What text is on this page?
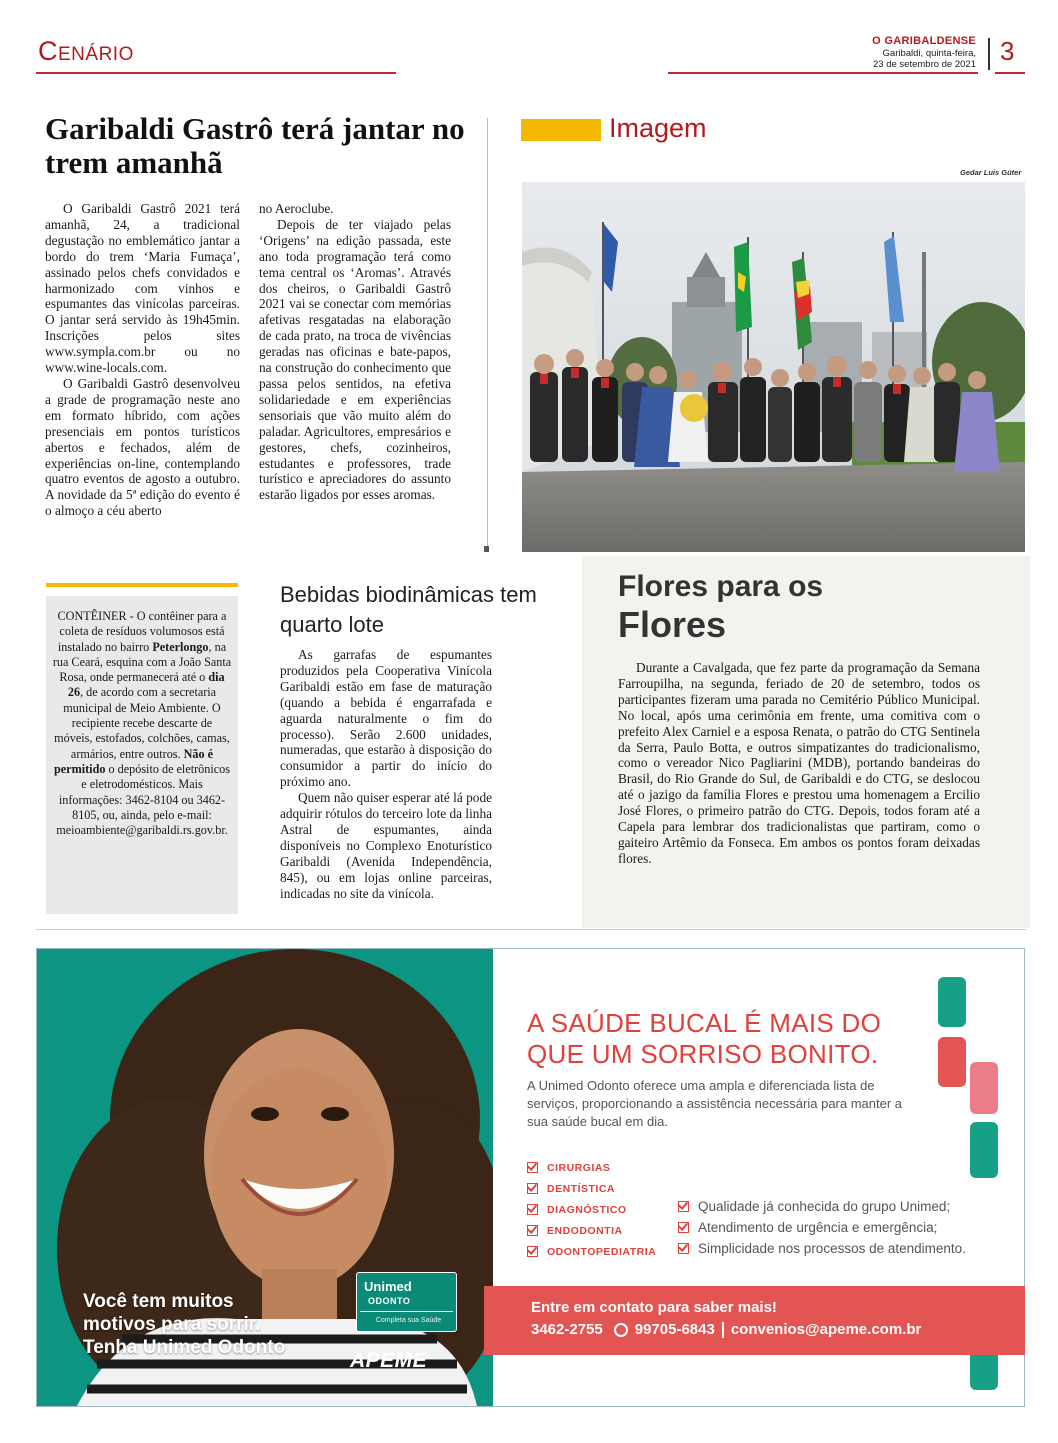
Cenário	O GARIBALDENSE
Garibaldi, quinta-feira,
23 de setembro de 2021 3
Garibaldi Gastrô terá jantar no trem amanhã

O Garibaldi Gastrô 2021 terá amanhã, 24, a tradicional degustação no emblemático jantar a bordo do trem ‘Maria Fumaça’, assinado pelos chefs convidados e harmonizado com vinhos e espumantes das vinícolas parceiras. O jantar será servido às 19h45min. Inscrições pelos sites www.sympla.com.br ou no www.wine-locals.com.

O Garibaldi Gastrô desenvolveu a grade de programação neste ano em formato híbrido, com ações presenciais em pontos turísticos abertos e fechados, além de experiências on-line, contemplando quatro eventos de agosto a outubro. A novidade da 5ª edição do evento é o almoço a céu aberto

no Aeroclube.

Depois de ter viajado pelas ‘Origens’ na edição passada, este ano toda programação terá como tema central os ‘Aromas’. Através dos cheiros, o Garibaldi Gastrô 2021 vai se conectar com memórias afetivas resgatadas na elaboração de cada prato, na troca de vivências geradas nas oficinas e bate-papos, na construção do conhecimento que passa pelos sentidos, na efetiva solidariedade e em experiências sensoriais que vão muito além do paladar. Agricultores, empresários e gestores, chefs, cozinheiros, estudantes e professores, trade turístico e apreciadores do assunto estarão ligados por esses aromas.

Imagem
Gedar Luis Güter
CONTÊINER - O contêiner para a coleta de resíduos volumosos está instalado no bairro Peterlongo, na rua Ceará, esquina com a João Santa Rosa, onde permanecerá até o dia 26, de acordo com a secretaria municipal de Meio Ambiente. O recipiente recebe descarte de móveis, estofados, colchões, camas, armários, entre outros. Não é permitido o depósito de eletrônicos e eletrodomésticos. Mais informações: 3462-8104 ou 3462-8105, ou, ainda, pelo e-mail: meioambiente@garibaldi.rs.gov.br.
Bebidas biodinâmicas tem quarto lote

As garrafas de espumantes produzidos pela Cooperativa Vinícola Garibaldi estão em fase de maturação (quando a bebida é engarrafada e aguarda naturalmente o fim do processo). Serão 2.600 unidades, numeradas, que estarão à disposição do consumidor a partir do início do próximo ano.

Quem não quiser esperar até lá pode adquirir rótulos do terceiro lote da linha Astral de espumantes, ainda disponíveis no Complexo Enoturístico Garibaldi (Avenida Independência, 845), ou em lojas online parceiras, indicadas no site da vinícola.

Flores para os
Flores

Durante a Cavalgada, que fez parte da programação da Semana Farroupilha, na segunda, feriado de 20 de setembro, todos os participantes fizeram uma parada no Cemitério Público Municipal. No local, após uma cerimônia em frente, uma comitiva com o prefeito Alex Carniel e a esposa Renata, o patrão do CTG Sentinela da Serra, Paulo Botta, e outros simpatizantes do tradicionalismo, como o vereador Nico Pagliarini (MDB), portando bandeiras do Brasil, do Rio Grande do Sul, de Garibaldi e do CTG, se deslocou até o jazigo da família Flores e prestou uma homenagem a Ercilio José Flores, o primeiro patrão do CTG. Depois, todos foram até a Capela para lembrar dos tradicionalistas que partiram, como o gaiteiro Artêmio da Fonseca. Em ambos os pontos foram deixadas flores.

Você tem muitos
motivos para sorrir.
Tenha Unimed Odonto
Unimed
ODONTO
Completa sua Saúde
APEME
A SAÚDE BUCAL É MAIS DO
QUE UM SORRISO BONITO.
A Unimed Odonto oferece uma ampla e diferenciada lista de serviços, proporcionando a assistência necessária para manter a sua saúde bucal em dia.
CIRURGIAS
DENTÍSTICA
DIAGNÓSTICO
ENDODONTIA
ODONTOPEDIATRIA
Qualidade já conhecida do grupo Unimed;
Atendimento de urgência e emergência;
Simplicidade nos processos de atendimento.
Entre em contato para saber mais!
3462-2755 99705-6843 convenios@apeme.com.br
